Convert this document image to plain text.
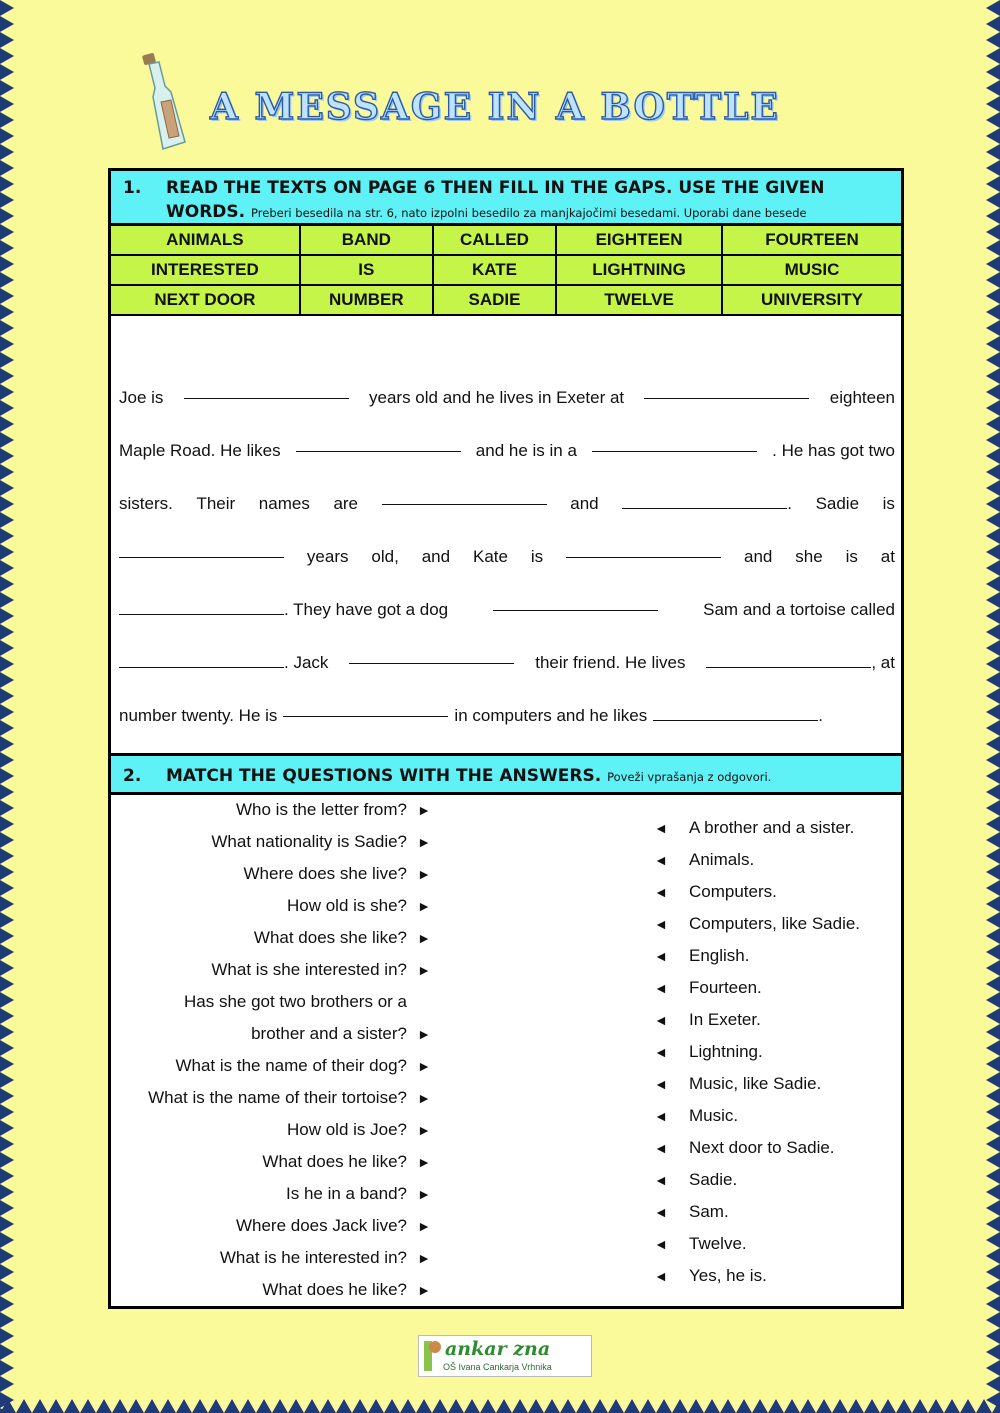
A MESSAGE IN A BOTTLE
1. READ THE TEXTS ON PAGE 6 THEN FILL IN THE GAPS. USE THE GIVEN WORDS. Preberi besedila na str. 6, nato izpolni besedilo za manjkajočimi besedami. Uporabi dane besede
ANIMALS	BAND	CALLED	EIGHTEEN	FOURTEEN
INTERESTED	IS	KATE	LIGHTNING	MUSIC
NEXT DOOR	NUMBER	SADIE	TWELVE	UNIVERSITY
Joe is	years old and he lives in Exeter at	eighteen
Maple Road. He likes	and he is in a	. He has got two
sisters. Their names are	and	. Sadie is
years old, and Kate is	and she is at
. They have got a dog	Sam and a tortoise called
. Jack	their friend. He lives	, at
number twenty. He is	in computers and he likes	.
2. MATCH THE QUESTIONS WITH THE ANSWERS. Poveži vprašanja z odgovori.
Who is the letter from? ►
What nationality is Sadie? ►
Where does she live? ►
How old is she? ►
What does she like? ►
What is she interested in? ►
Has she got two brothers or a
brother and a sister? ►
What is the name of their dog? ►
What is the name of their tortoise? ►
How old is Joe? ►
What does he like? ►
Is he in a band? ►
Where does Jack live? ►
What is he interested in? ►
What does he like? ►
◄ A brother and a sister.
◄ Animals.
◄ Computers.
◄ Computers, like Sadie.
◄ English.
◄ Fourteen.
◄ In Exeter.
◄ Lightning.
◄ Music, like Sadie.
◄ Music.
◄ Next door to Sadie.
◄ Sadie.
◄ Sam.
◄ Twelve.
◄ Yes, he is.
ankar zna
OŠ Ivana Cankarja Vrhnika
